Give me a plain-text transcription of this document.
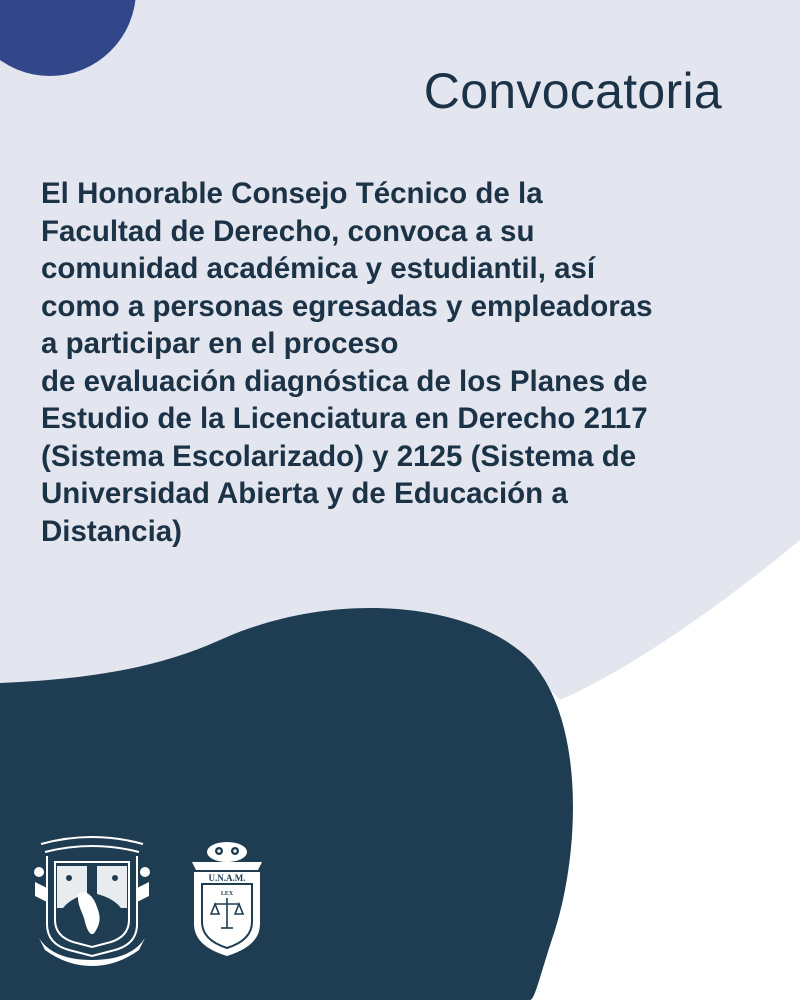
Convocatoria

El Honorable Consejo Técnico de la
Facultad de Derecho, convoca a su
comunidad académica y estudiantil, así
como a personas egresadas y empleadoras
a participar en el proceso
de evaluación diagnóstica de los Planes de
Estudio de la Licenciatura en Derecho 2117
(Sistema Escolarizado) y 2125 (Sistema de
Universidad Abierta y de Educación a
Distancia)

U.N.A.M.
LEX
